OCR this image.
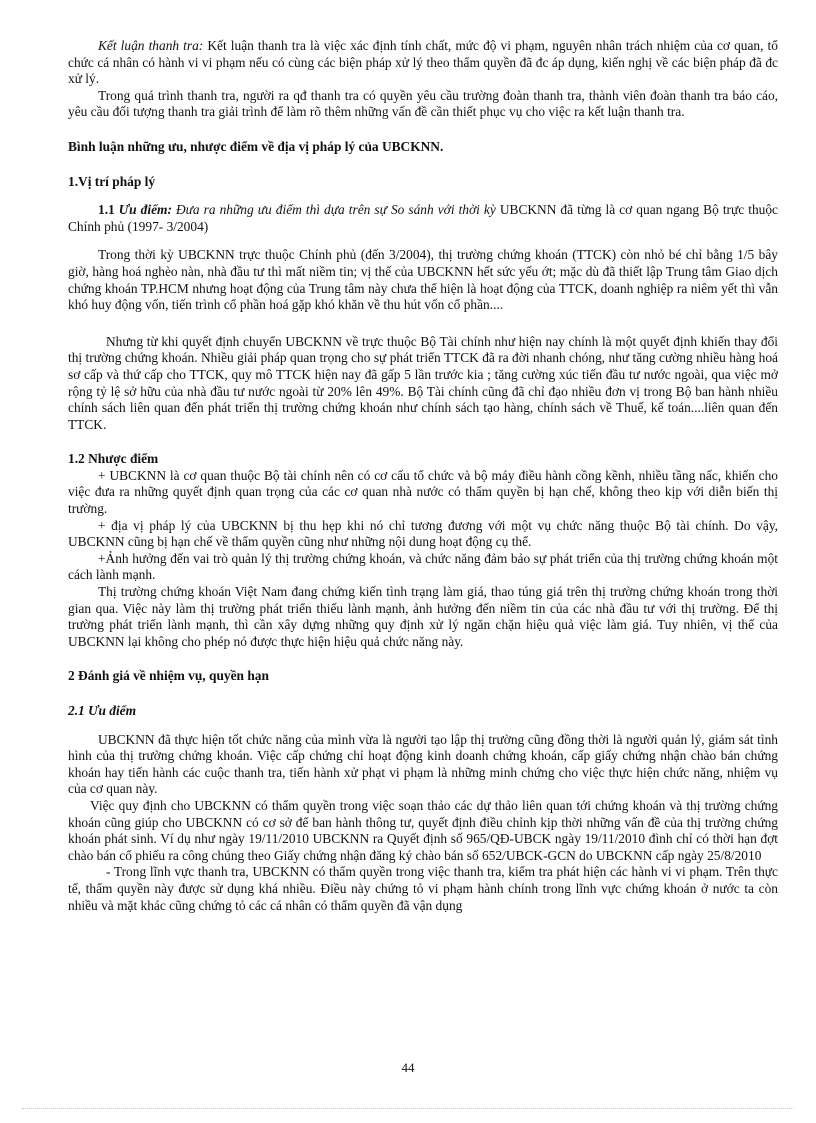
Kết luận thanh tra: Kết luận thanh tra là việc xác định tính chất, mức độ vi phạm, nguyên nhân trách nhiệm của cơ quan, tổ chức cá nhân có hành vi vi phạm nếu có cùng các biện pháp xử lý theo thẩm quyền đã đc áp dụng, kiến nghị về các biện pháp đã đc xử lý.

Trong quá trình thanh tra, người ra qđ thanh tra có quyền yêu cầu trường đoàn thanh tra, thành viên đoàn thanh tra báo cáo, yêu cầu đối tượng thanh tra giải trình để làm rõ thêm những vấn đề cần thiết phục vụ cho việc ra kết luận thanh tra.

Bình luận những ưu, nhược điểm về địa vị pháp lý của UBCKNN.

1.Vị trí pháp lý

1.1 Ưu điểm: Đưa ra những ưu điểm thì dựa trên sự So sánh với thời kỳ UBCKNN đã từng là cơ quan ngang Bộ trực thuộc Chính phủ (1997- 3/2004)

Trong thời kỳ UBCKNN trực thuộc Chính phủ (đến 3/2004), thị trường chứng khoán (TTCK) còn nhỏ bé chỉ bằng 1/5 bây giờ, hàng hoá nghèo nàn, nhà đầu tư thì mất niềm tin; vị thế của UBCKNN hết sức yếu ớt; mặc dù đã thiết lập Trung tâm Giao dịch chứng khoán TP.HCM nhưng hoạt động của Trung tâm này chưa thể hiện là hoạt động của TTCK, doanh nghiệp ra niêm yết thì vẫn khó huy động vốn, tiến trình cổ phần hoá gặp khó khăn về thu hút vốn cổ phần....

Nhưng từ khi quyết định chuyển UBCKNN về trực thuộc Bộ Tài chính như hiện nay chính là một quyết định khiến thay đổi thị trường chứng khoán. Nhiều giải pháp quan trọng cho sự phát triển TTCK đã ra đời nhanh chóng, như tăng cường nhiều hàng hoá sơ cấp và thứ cấp cho TTCK, quy mô TTCK hiện nay đã gấp 5 lần trước kia ; tăng cường xúc tiến đầu tư nước ngoài, qua việc mở rộng tỷ lệ sở hữu của nhà đầu tư nước ngoài từ 20% lên 49%. Bộ Tài chính cũng đã chỉ đạo nhiều đơn vị trong Bộ ban hành nhiều chính sách liên quan đến phát triển thị trường chứng khoán như chính sách tạo hàng, chính sách về Thuế, kế toán....liên quan đến TTCK.

1.2 Nhược điểm

+ UBCKNN là cơ quan thuộc Bộ tài chính nên có cơ cấu tổ chức và bộ máy điều hành cồng kềnh, nhiều tầng nấc, khiến cho việc đưa ra những quyết định quan trọng của các cơ quan nhà nước có thẩm quyền bị hạn chế, không theo kịp với diễn biến thị trường.

+ địa vị pháp lý của UBCKNN bị thu hẹp khi nó chỉ tương đương với một vụ chức năng thuộc Bộ tài chính. Do vậy, UBCKNN cũng bị hạn chế về thẩm quyền cũng như những nội dung hoạt động cụ thể.

+Ảnh hưởng đến vai trò quản lý thị trường chứng khoán, và chức năng đảm bảo sự phát triển của thị trường chứng khoán một cách lành mạnh.

Thị trường chứng khoán Việt Nam đang chứng kiến tình trạng làm giá, thao túng giá trên thị trường chứng khoán trong thời gian qua. Việc này làm thị trường phát triển thiếu lành mạnh, ảnh hưởng đến niềm tin của các nhà đầu tư với thị trường. Để thị trường phát triển lành mạnh, thì cần xây dựng những quy định xử lý ngăn chặn hiệu quả việc làm giá. Tuy nhiên, vị thế của UBCKNN lại không cho phép nó được thực hiện hiệu quả chức năng này.

2 Đánh giá về nhiệm vụ, quyền hạn

2.1 Ưu điểm

UBCKNN đã thực hiện tốt chức năng của mình vừa là người tạo lập thị trường cũng đồng thời là người quản lý, giám sát tình hình của thị trường chứng khoán. Việc cấp chứng chỉ hoạt động kinh doanh chứng khoán, cấp giấy chứng nhận chào bán chứng khoán hay tiến hành các cuộc thanh tra, tiến hành xử phạt vi phạm là những minh chứng cho việc thực hiện chức năng, nhiệm vụ của cơ quan này.

Việc quy định cho UBCKNN có thẩm quyền trong việc soạn thảo các dự thảo liên quan tới chứng khoán và thị trường chứng khoán cũng giúp cho UBCKNN có cơ sở để ban hành thông tư, quyết định điều chỉnh kịp thời những vấn đề của thị trường chứng khoán phát sinh. Ví dụ như ngày 19/11/2010 UBCKNN ra Quyết định số 965/QĐ-UBCK ngày 19/11/2010 đình chỉ có thời hạn đợt chào bán cổ phiếu ra công chúng theo Giấy chứng nhận đăng ký chào bán số 652/UBCK-GCN do UBCKNN cấp ngày 25/8/2010

- Trong lĩnh vực thanh tra, UBCKNN có thẩm quyền trong việc thanh tra, kiểm tra phát hiện các hành vi vi phạm. Trên thực tế, thẩm quyền này được sử dụng khá nhiều. Điều này chứng tỏ vi phạm hành chính trong lĩnh vực chứng khoán ở nước ta còn nhiều và mặt khác cũng chứng tỏ các cá nhân có thẩm quyền đã vận dụng

44
